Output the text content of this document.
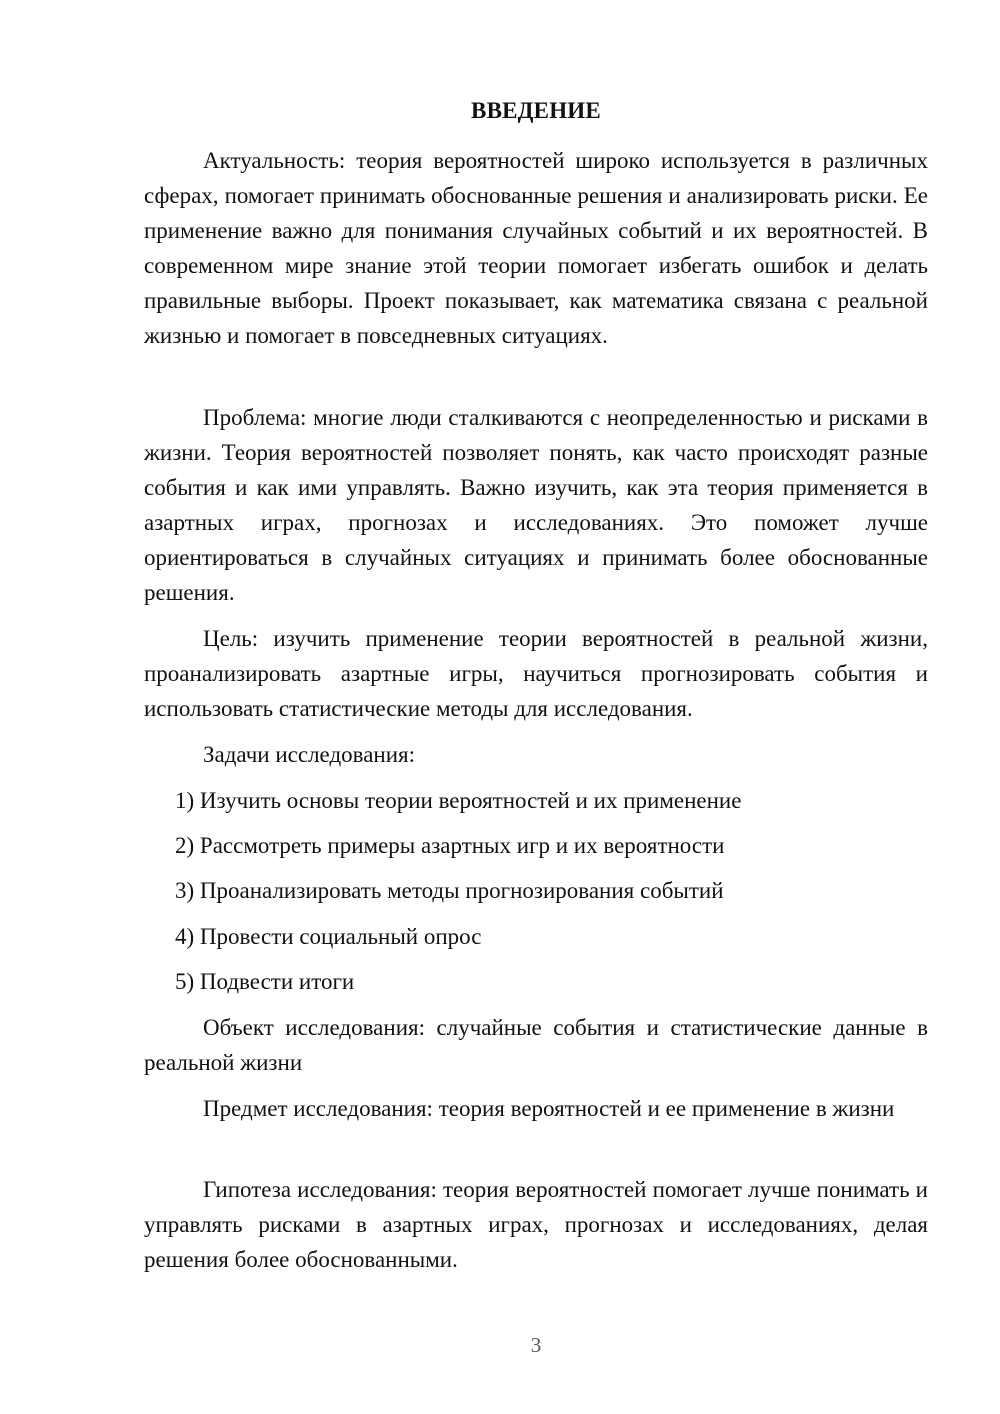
ВВЕДЕНИЕ

Актуальность: теория вероятностей широко используется в различных сферах, помогает принимать обоснованные решения и анализировать риски. Ее применение важно для понимания случайных событий и их вероятностей. В современном мире знание этой теории помогает избегать ошибок и делать правильные выборы. Проект показывает, как математика связана с реальной жизнью и помогает в повседневных ситуациях.

Проблема: многие люди сталкиваются с неопределенностью и рисками в жизни. Теория вероятностей позволяет понять, как часто происходят разные события и как ими управлять. Важно изучить, как эта теория применяется в азартных играх, прогнозах и исследованиях. Это поможет лучше ориентироваться в случайных ситуациях и принимать более обоснованные решения.

Цель: изучить применение теории вероятностей в реальной жизни, проанализировать азартные игры, научиться прогнозировать события и использовать статистические методы для исследования.

Задачи исследования:

1) Изучить основы теории вероятностей и их применение

2) Рассмотреть примеры азартных игр и их вероятности

3) Проанализировать методы прогнозирования событий

4) Провести социальный опрос

5) Подвести итоги

Объект исследования: случайные события и статистические данные в реальной жизни

Предмет исследования: теория вероятностей и ее применение в жизни

Гипотеза исследования: теория вероятностей помогает лучше понимать и управлять рисками в азартных играх, прогнозах и исследованиях, делая решения более обоснованными.

3
